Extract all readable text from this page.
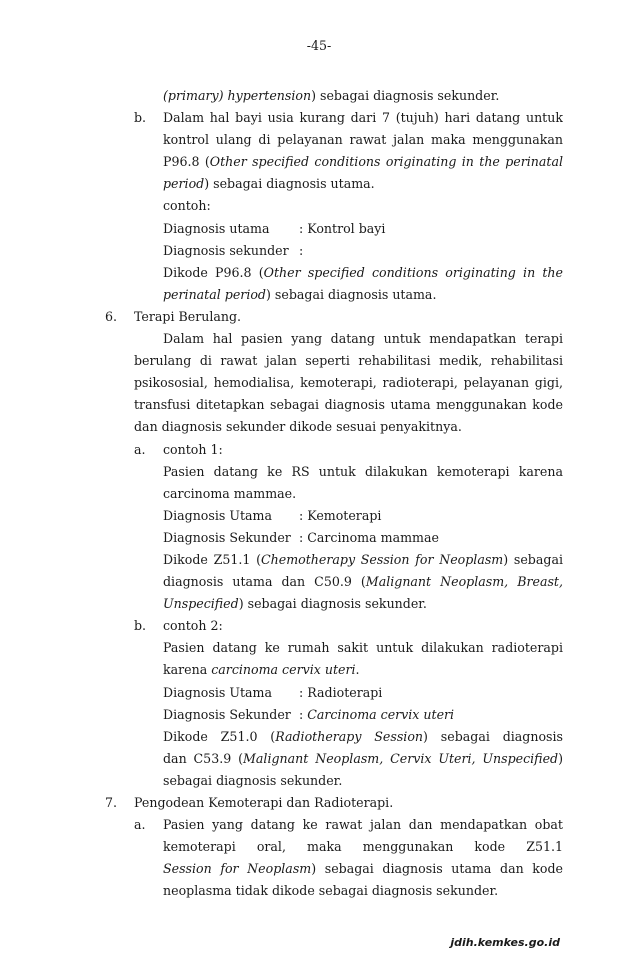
-45-
(primary) hypertension) sebagai diagnosis sekunder.
b. Dalam hal bayi usia kurang dari 7 (tujuh) hari datang untuk
kontrol ulang di pelayanan rawat jalan maka menggunakan
P96.8 (Other specified conditions originating in the perinatal
period) sebagai diagnosis utama.
contoh:
Diagnosis utama : Kontrol bayi
Diagnosis sekunder :
Dikode P96.8 (Other specified conditions originating in the
perinatal period) sebagai diagnosis utama.
6. Terapi Berulang.
Dalam hal pasien yang datang untuk mendapatkan terapi
berulang di rawat jalan seperti rehabilitasi medik, rehabilitasi
psikososial, hemodialisa, kemoterapi, radioterapi, pelayanan gigi,
transfusi ditetapkan sebagai diagnosis utama menggunakan kode
dan diagnosis sekunder dikode sesuai penyakitnya.
a. contoh 1:
Pasien datang ke RS untuk dilakukan kemoterapi karena
carcinoma mammae.
Diagnosis Utama : Kemoterapi
Diagnosis Sekunder : Carcinoma mammae
Dikode Z51.1 (Chemotherapy Session for Neoplasm) sebagai
diagnosis utama dan C50.9 (Malignant Neoplasm, Breast,
Unspecified) sebagai diagnosis sekunder.
b. contoh 2:
Pasien datang ke rumah sakit untuk dilakukan radioterapi
karena carcinoma cervix uteri.
Diagnosis Utama : Radioterapi
Diagnosis Sekunder : Carcinoma cervix uteri
Dikode Z51.0 (Radiotherapy Session) sebagai diagnosis
dan C53.9 (Malignant Neoplasm, Cervix Uteri, Unspecified)
sebagai diagnosis sekunder.
7. Pengodean Kemoterapi dan Radioterapi.
a. Pasien yang datang ke rawat jalan dan mendapatkan obat
kemoterapi oral, maka menggunakan kode Z51.1
Session for Neoplasm) sebagai diagnosis utama dan kode
neoplasma tidak dikode sebagai diagnosis sekunder.
jdih.kemkes.go.id
